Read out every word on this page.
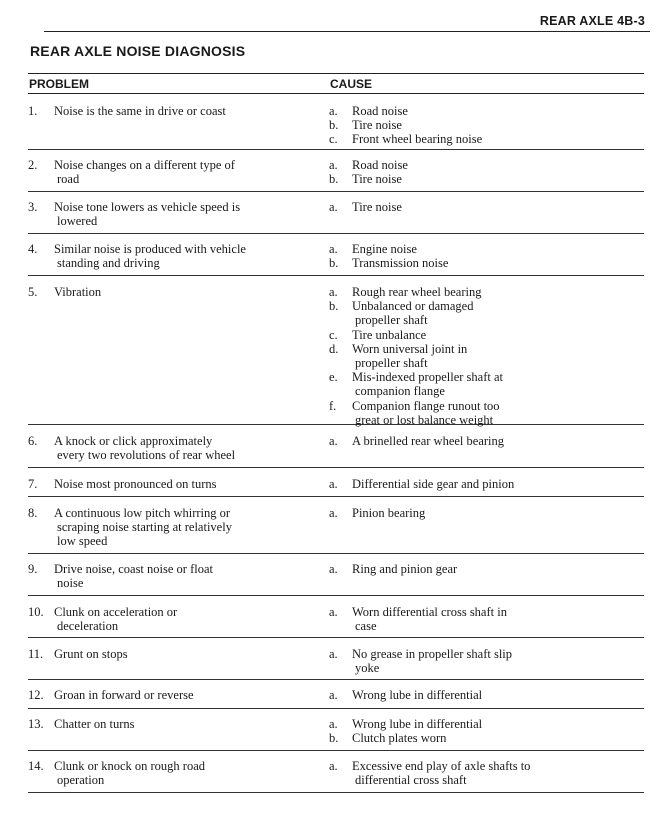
REAR AXLE 4B-3
REAR AXLE NOISE DIAGNOSIS
PROBLEM	CAUSE
1.	Noise is the same in drive or coast	a.	Road noise
b.	Tire noise
c.	Front wheel bearing noise
2.	Noise changes on a different type of
road
a.	Road noise
b.	Tire noise
3.	Noise tone lowers as vehicle speed is
lowered
a.	Tire noise
4.	Similar noise is produced with vehicle
standing and driving
a.	Engine noise
b.	Transmission noise
5.	Vibration	a.	Rough rear wheel bearing
b.	Unbalanced or damaged
propeller shaft
c.	Tire unbalance
d.	Worn universal joint in
propeller shaft
e.	Mis-indexed propeller shaft at
companion flange
f.	Companion flange runout too
great or lost balance weight
6.	A knock or click approximately
every two revolutions of rear wheel
a.	A brinelled rear wheel bearing
7.	Noise most pronounced on turns	a.	Differential side gear and pinion
8.	A continuous low pitch whirring or
scraping noise starting at relatively
low speed
a.	Pinion bearing
9.	Drive noise, coast noise or float
noise
a.	Ring and pinion gear
10. Clunk on acceleration or
deceleration
a.	Worn differential cross shaft in
case
11. Grunt on stops	a.	No grease in propeller shaft slip
yoke
12. Groan in forward or reverse	a.	Wrong lube in differential
13. Chatter on turns	a.	Wrong lube in differential
b.	Clutch plates worn
14. Clunk or knock on rough road
operation
a.	Excessive end play of axle shafts to
differential cross shaft
